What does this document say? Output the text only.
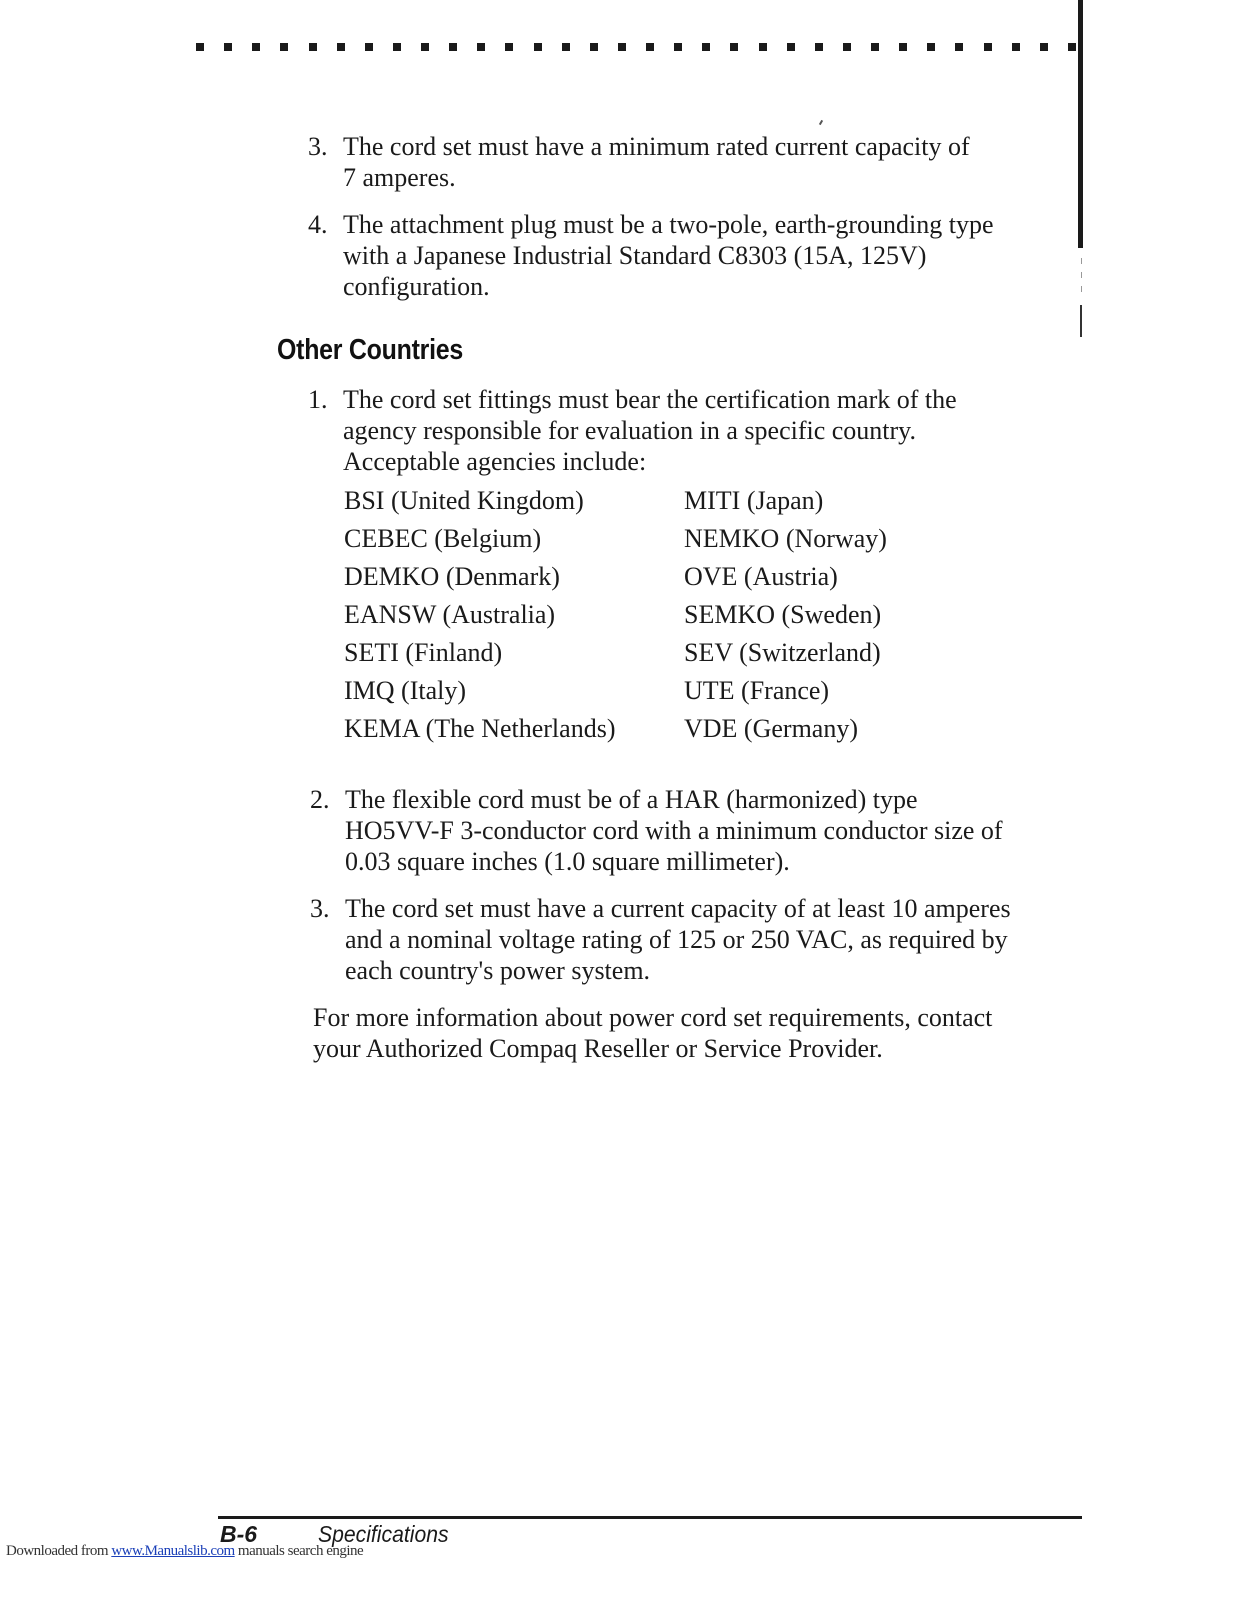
3. The cord set must have a minimum rated current capacity of
7 amperes.
4. The attachment plug must be a two-pole, earth-grounding type
with a Japanese Industrial Standard C8303 (15A, 125V)
configuration.
Other Countries
1. The cord set fittings must bear the certification mark of the
agency responsible for evaluation in a specific country.
Acceptable agencies include:
BSI (United Kingdom)	MITI (Japan)
CEBEC (Belgium)	NEMKO (Norway)
DEMKO (Denmark)	OVE (Austria)
EANSW (Australia)	SEMKO (Sweden)
SETI (Finland)	SEV (Switzerland)
IMQ (Italy)	UTE (France)
KEMA (The Netherlands)	VDE (Germany)
2. The flexible cord must be of a HAR (harmonized) type
HO5VV-F 3-conductor cord with a minimum conductor size of
0.03 square inches (1.0 square millimeter).
3. The cord set must have a current capacity of at least 10 amperes
and a nominal voltage rating of 125 or 250 VAC, as required by
each country's power system.
For more information about power cord set requirements, contact
your Authorized Compaq Reseller or Service Provider.
B-6	Specifications
Downloaded from www.Manualslib.com manuals search engine
